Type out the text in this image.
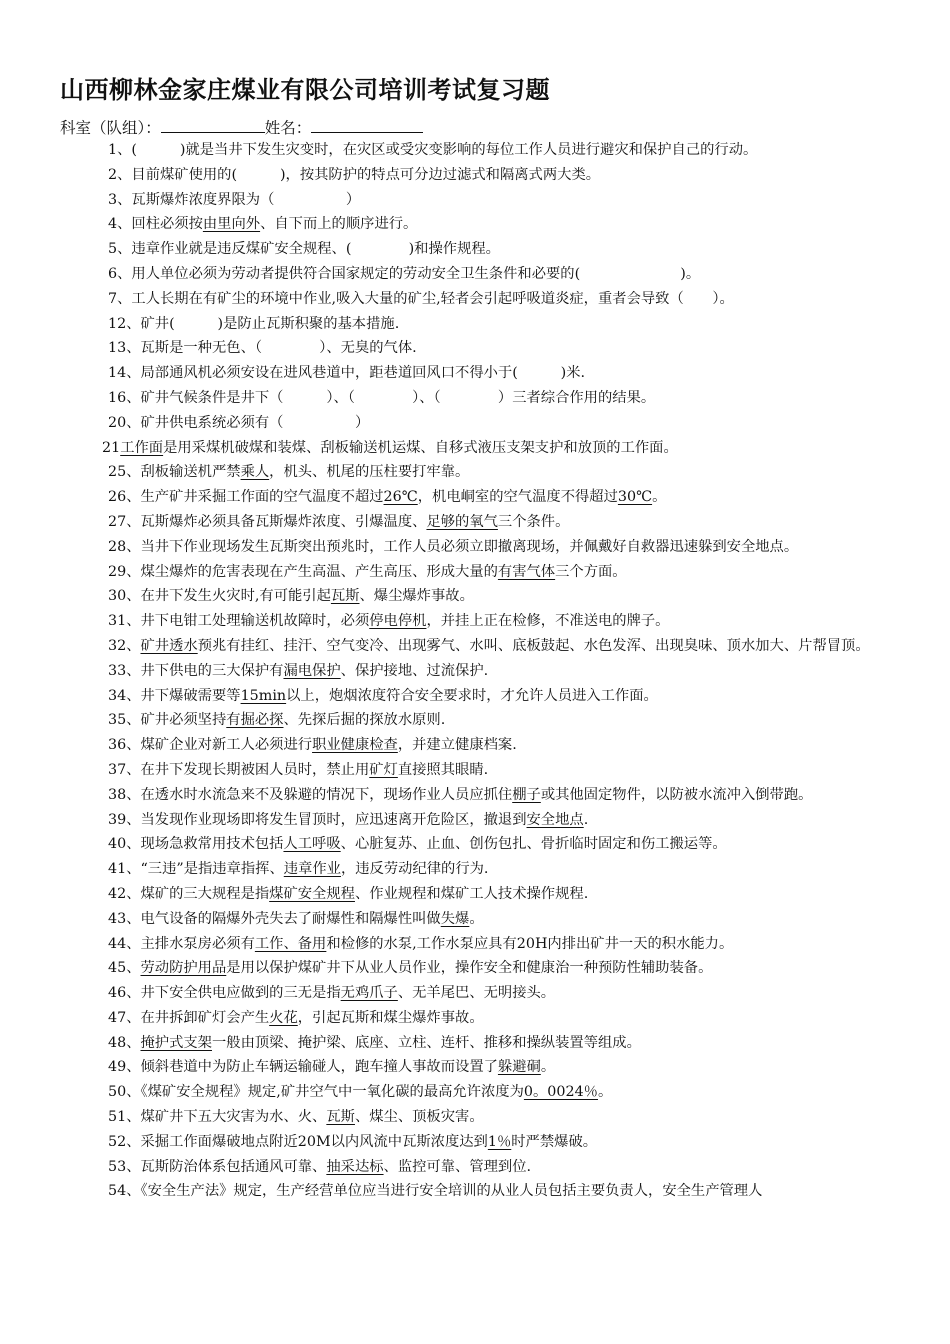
山西柳林金家庄煤业有限公司培训考试复习题
科室（队组）：	姓名：
1、(　　　)就是当井下发生灾变时，在灾区或受灾变影响的每位工作人员进行避灾和保护自己的行动。
2、目前煤矿使用的(　　　)，按其防护的特点可分边过滤式和隔离式两大类。
3、瓦斯爆炸浓度界限为（　　　　　）
4、回柱必须按由里向外、自下而上的顺序进行。
5、违章作业就是违反煤矿安全规程、(　　　　)和操作规程。
6、用人单位必须为劳动者提供符合国家规定的劳动安全卫生条件和必要的(　　　　　　　)。
7、工人长期在有矿尘的环境中作业,吸入大量的矿尘,轻者会引起呼吸道炎症，重者会导致（　　）。
12、矿井(　　　)是防止瓦斯积聚的基本措施.
13、瓦斯是一种无色、（　　　　）、无臭的气体.
14、局部通风机必须安设在进风巷道中，距巷道回风口不得小于(　　　)米.
16、矿井气候条件是井下（　　　）、（　　　　）、（　　　　）三者综合作用的结果。
20、矿井供电系统必须有（　　　　　）
21工作面是用采煤机破煤和装煤、刮板输送机运煤、自移式液压支架支护和放顶的工作面。
25、刮板输送机严禁乘人，机头、机尾的压柱要打牢靠。
26、生产矿井采掘工作面的空气温度不超过26℃，机电峒室的空气温度不得超过30℃。
27、瓦斯爆炸必须具备瓦斯爆炸浓度、引爆温度、足够的氧气三个条件。
28、当井下作业现场发生瓦斯突出预兆时，工作人员必须立即撤离现场，并佩戴好自救器迅速躲到安全地点。
29、煤尘爆炸的危害表现在产生高温、产生高压、形成大量的有害气体三个方面。
30、在井下发生火灾时,有可能引起瓦斯、爆尘爆炸事故。
31、井下电钳工处理输送机故障时，必须停电停机，并挂上正在检修，不准送电的牌子。
32、矿井透水预兆有挂红、挂汗、空气变冷、出现雾气、水叫、底板鼓起、水色发浑、出现臭味、顶水加大、片帮冒顶。
33、井下供电的三大保护有漏电保护、保护接地、过流保护.
34、井下爆破需要等15min以上，炮烟浓度符合安全要求时，才允许人员进入工作面。
35、矿井必须坚持有掘必探、先探后掘的探放水原则.
36、煤矿企业对新工人必须进行职业健康检查，并建立健康档案.
37、在井下发现长期被困人员时，禁止用矿灯直接照其眼睛.
38、在透水时水流急来不及躲避的情况下，现场作业人员应抓住棚子或其他固定物件，以防被水流冲入倒带跑。
39、当发现作业现场即将发生冒顶时，应迅速离开危险区，撤退到安全地点.
40、现场急救常用技术包括人工呼吸、心脏复苏、止血、创伤包扎、骨折临时固定和伤工搬运等。
41、“三违”是指违章指挥、违章作业，违反劳动纪律的行为.
42、煤矿的三大规程是指煤矿安全规程、作业规程和煤矿工人技术操作规程.
43、电气设备的隔爆外壳失去了耐爆性和隔爆性叫做失爆。
44、主排水泵房必须有工作、备用和检修的水泵,工作水泵应具有20H内排出矿井一天的积水能力。
45、劳动防护用品是用以保护煤矿井下从业人员作业，操作安全和健康治一种预防性辅助装备。
46、井下安全供电应做到的三无是指无鸡爪子、无羊尾巴、无明接头。
47、在井拆卸矿灯会产生火花，引起瓦斯和煤尘爆炸事故。
48、掩护式支架一般由顶梁、掩护梁、底座、立柱、连杆、推移和操纵装置等组成。
49、倾斜巷道中为防止车辆运输碰人，跑车撞人事故而设置了躲避硐。
50、《煤矿安全规程》规定,矿井空气中一氧化碳的最高允许浓度为0。0024％。
51、煤矿井下五大灾害为水、火、瓦斯、煤尘、顶板灾害。
52、采掘工作面爆破地点附近20M以内风流中瓦斯浓度达到1％时严禁爆破。
53、瓦斯防治体系包括通风可靠、抽采达标、监控可靠、管理到位.
54、《安全生产法》规定，生产经营单位应当进行安全培训的从业人员包括主要负责人，安全生产管理人
